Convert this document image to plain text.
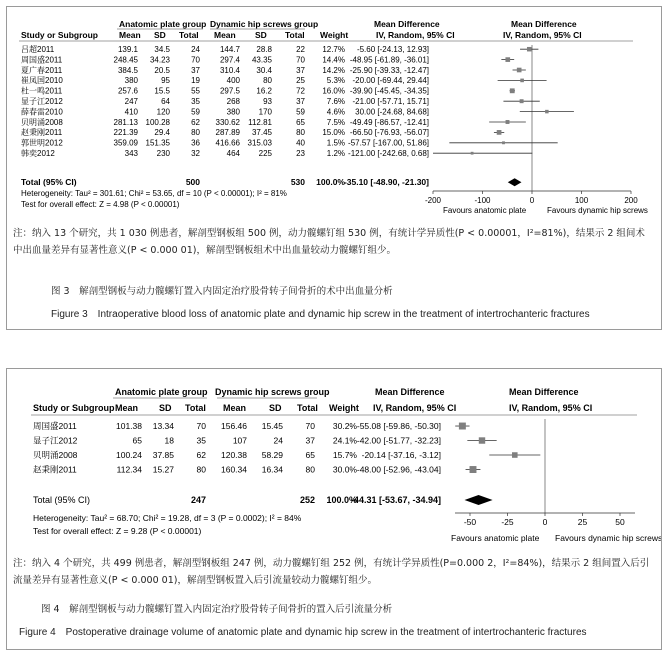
Anatomic plate group Dynamic hip screws group	Mean Difference	Mean Difference
Study or Subgroup Mean SD Total Mean SD Total Weight	IV, Random, 95% CI	IV, Random, 95% CI
吕超2011	139.1 34.5	24 144.7 28.8	22 12.7% -5.60 [-24.13, 12.93]
周国盛2011	248.45 34.23	70 297.4 43.35	70 14.4% -48.95 [-61.89, -36.01]
夏广春2011	384.5 20.5	37 310.4 30.4	37 14.2% -25.90 [-39.33, -12.47]
崔凤国2010	380	95	19	400	80	25	5.3% -20.00 [-69.44, 29.44]
杜一鸣2011	257.6 15.5	55 297.5 16.2	72 16.0% -39.90 [-45.45, -34.35]
显子江2012	247	64	35	268	93	37	7.6% -21.00 [-57.71, 15.71]
薛春雷2010	410 120	59	380 170	59	4.6% 30.00 [-24.68, 84.68]
贝明涌2008	281.13 100.28	62 330.62 112.81	65	7.5% -49.49 [-86.57, -12.41]
赵秉刚2011	221.39 29.4	80 287.89 37.45	80 15.0% -66.50 [-76.93, -56.07]
郭世明2012	359.09 151.35	36 416.66 315.03	40	1.5% -57.57 [-167.00, 51.86]
韩奕2012	343 230	32	464 225	23	1.2% -121.00 [-242.68, 0.68]
-200	-100	0	100	200
Total (95% CI)	500	530 100.0%
-35.10 [-48.90, -21.30]
Heterogeneity: Tau² = 301.61; Chi² = 53.65, df = 10 (P < 0.00001); I² = 81%
Test for overall effect: Z = 4.98 (P < 0.00001)
Favours anatomic plate	Favours dynamic hip screws
注：纳入 13 个研究，共 1 030 例患者，解剖型钢板组 500 例，动力髋螺钉组 530 例，有统计学异质性(P < 0.00001，I²=81%)，结果示 2 组间术中出血量差异有显著性意义(P < 0.000 01)，解剖型钢板组术中出血量较动力髋螺钉组少。
图 3　解剖型钢板与动力髋螺钉置入内固定治疗股骨转子间骨折的术中出血量分析
Figure 3　Intraoperative blood loss of anatomic plate and dynamic hip screw in the treatment of intertrochanteric fractures
Anatomic plate group Dynamic hip screws group	Mean Difference	Mean Difference
Study or Subgroup Mean SD Total Mean	SD Total Weight IV, Random, 95% CI	IV, Random, 95% CI
周国盛2011	101.38 13.34	70 156.46 15.45	70 30.2% -55.08 [-59.86, -50.30]
显子江2012	65	18	35	107	24	37 24.1% -42.00 [-51.77, -32.23]
贝明涌2008	100.24 37.85	62 120.38 58.29	65 15.7% -20.14 [-37.16, -3.12]
赵秉刚2011	112.34 15.27	80 160.34 16.34	80 30.0% -48.00 [-52.96, -43.04]
-50	-25	0	25	50
Total (95% CI)	247	252 100.0%
-44.31 [-53.67, -34.94]
Heterogeneity: Tau² = 68.70; Chi² = 19.28, df = 3 (P = 0.0002); I² = 84%
Test for overall effect: Z = 9.28 (P < 0.00001)
Favours anatomic plate Favours dynamic hip screws
注：纳入 4 个研究，共 499 例患者，解剖型钢板组 247 例，动力髋螺钉组 252 例，有统计学异质性(P=0.000 2，I²=84%)，结果示 2 组间置入后引流量差异有显著性意义(P < 0.000 01)，解剖型钢板置入后引流量较动力髋螺钉组少。
图 4　解剖型钢板与动力髋螺钉置入内固定治疗股骨转子间骨折的置入后引流量分析
Figure 4　Postoperative drainage volume of anatomic plate and dynamic hip screw in the treatment of intertrochanteric fractures
